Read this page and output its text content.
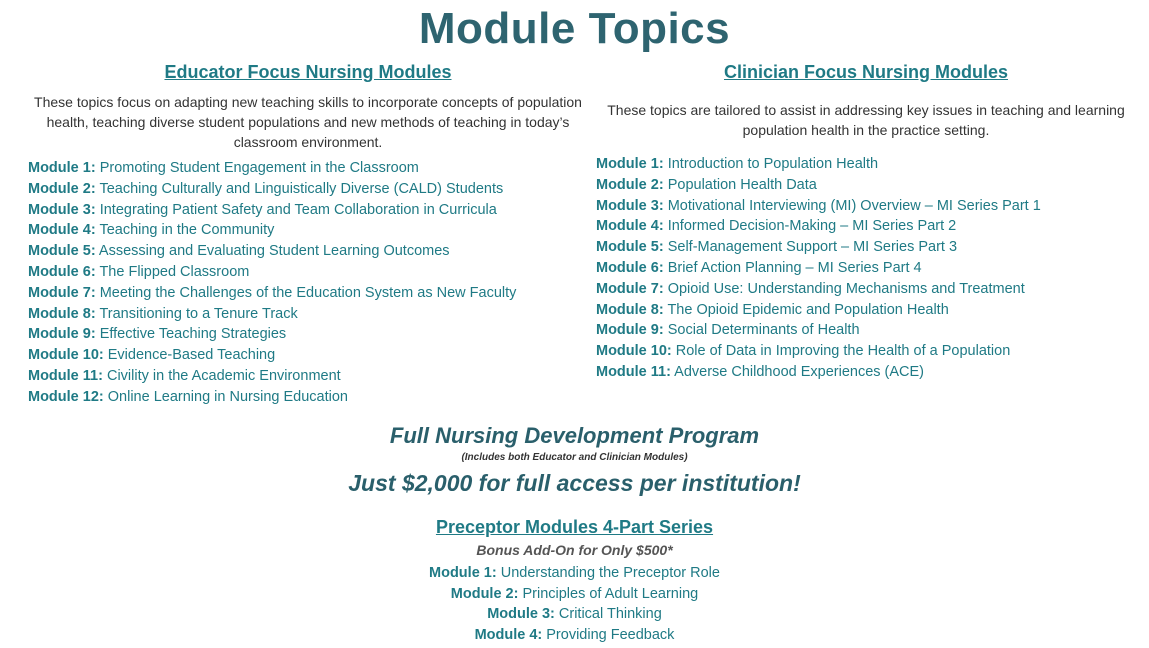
Module Topics
Educator Focus Nursing Modules

These topics focus on adapting new teaching skills to incorporate concepts of population health, teaching diverse student populations and new methods of teaching in today’s classroom environment.

Module 1: Promoting Student Engagement in the Classroom
Module 2: Teaching Culturally and Linguistically Diverse (CALD) Students
Module 3: Integrating Patient Safety and Team Collaboration in Curricula
Module 4: Teaching in the Community
Module 5: Assessing and Evaluating Student Learning Outcomes
Module 6: The Flipped Classroom
Module 7: Meeting the Challenges of the Education System as New Faculty
Module 8: Transitioning to a Tenure Track
Module 9: Effective Teaching Strategies
Module 10: Evidence-Based Teaching
Module 11: Civility in the Academic Environment
Module 12: Online Learning in Nursing Education
Clinician Focus Nursing Modules

These topics are tailored to assist in addressing key issues in teaching and learning population health in the practice setting.

Module 1: Introduction to Population Health
Module 2: Population Health Data
Module 3: Motivational Interviewing (MI) Overview – MI Series Part 1
Module 4: Informed Decision-Making – MI Series Part 2
Module 5: Self-Management Support – MI Series Part 3
Module 6: Brief Action Planning – MI Series Part 4
Module 7: Opioid Use: Understanding Mechanisms and Treatment
Module 8: The Opioid Epidemic and Population Health
Module 9: Social Determinants of Health
Module 10: Role of Data in Improving the Health of a Population
Module 11: Adverse Childhood Experiences (ACE)
Full Nursing Development Program
(Includes both Educator and Clinician Modules)
Just $2,000 for full access per institution!
Preceptor Modules 4-Part Series
Bonus Add-On for Only $500*
Module 1: Understanding the Preceptor Role
Module 2: Principles of Adult Learning
Module 3: Critical Thinking
Module 4: Providing Feedback
